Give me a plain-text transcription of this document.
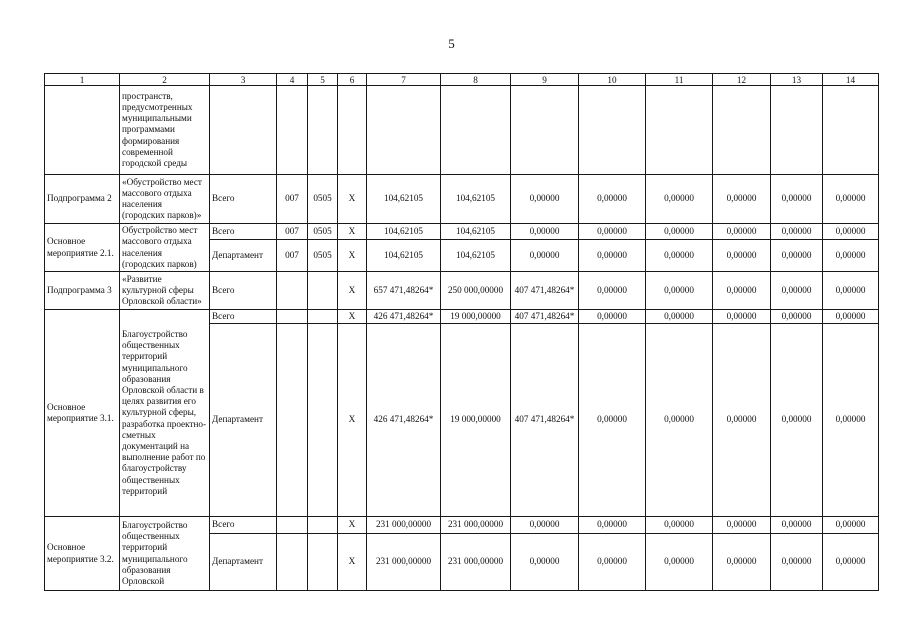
5
1	2	3	4	5	6	7	8	9	10	11	12	13	14
	пространств, предусмотренных муниципальными программами формирования современной городской среды												
Подпрограмма 2	«Обустройство мест массового отдыха населения (городских парков)»	Всего	007	0505	Х	104,62105	104,62105	0,00000	0,00000	0,00000	0,00000	0,00000	0,00000
Основное мероприятие 2.1.	Обустройство мест массового отдыха населения (городских парков)	Всего	007	0505	Х	104,62105	104,62105	0,00000	0,00000	0,00000	0,00000	0,00000	0,00000
		Департамент	007	0505	Х	104,62105	104,62105	0,00000	0,00000	0,00000	0,00000	0,00000	0,00000
Подпрограмма 3	«Развитие культурной сферы Орловской области»	Всего			Х	657 471,48264*	250 000,00000	407 471,48264*	0,00000	0,00000	0,00000	0,00000	0,00000
Основное мероприятие 3.1.	Благоустройство общественных территорий муниципального образования Орловской области в целях развития его культурной сферы, разработка проектно-сметных документаций на выполнение работ по благоустройству общественных территорий	Всего			Х	426 471,48264*	19 000,00000	407 471,48264*	0,00000	0,00000	0,00000	0,00000	0,00000
		Департамент			Х	426 471,48264*	19 000,00000	407 471,48264*	0,00000	0,00000	0,00000	0,00000	0,00000
Основное мероприятие 3.2.	Благоустройство общественных территорий муниципального образования Орловской	Всего			Х	231 000,00000	231 000,00000	0,00000	0,00000	0,00000	0,00000	0,00000	0,00000
		Департамент			Х	231 000,00000	231 000,00000	0,00000	0,00000	0,00000	0,00000	0,00000	0,00000
